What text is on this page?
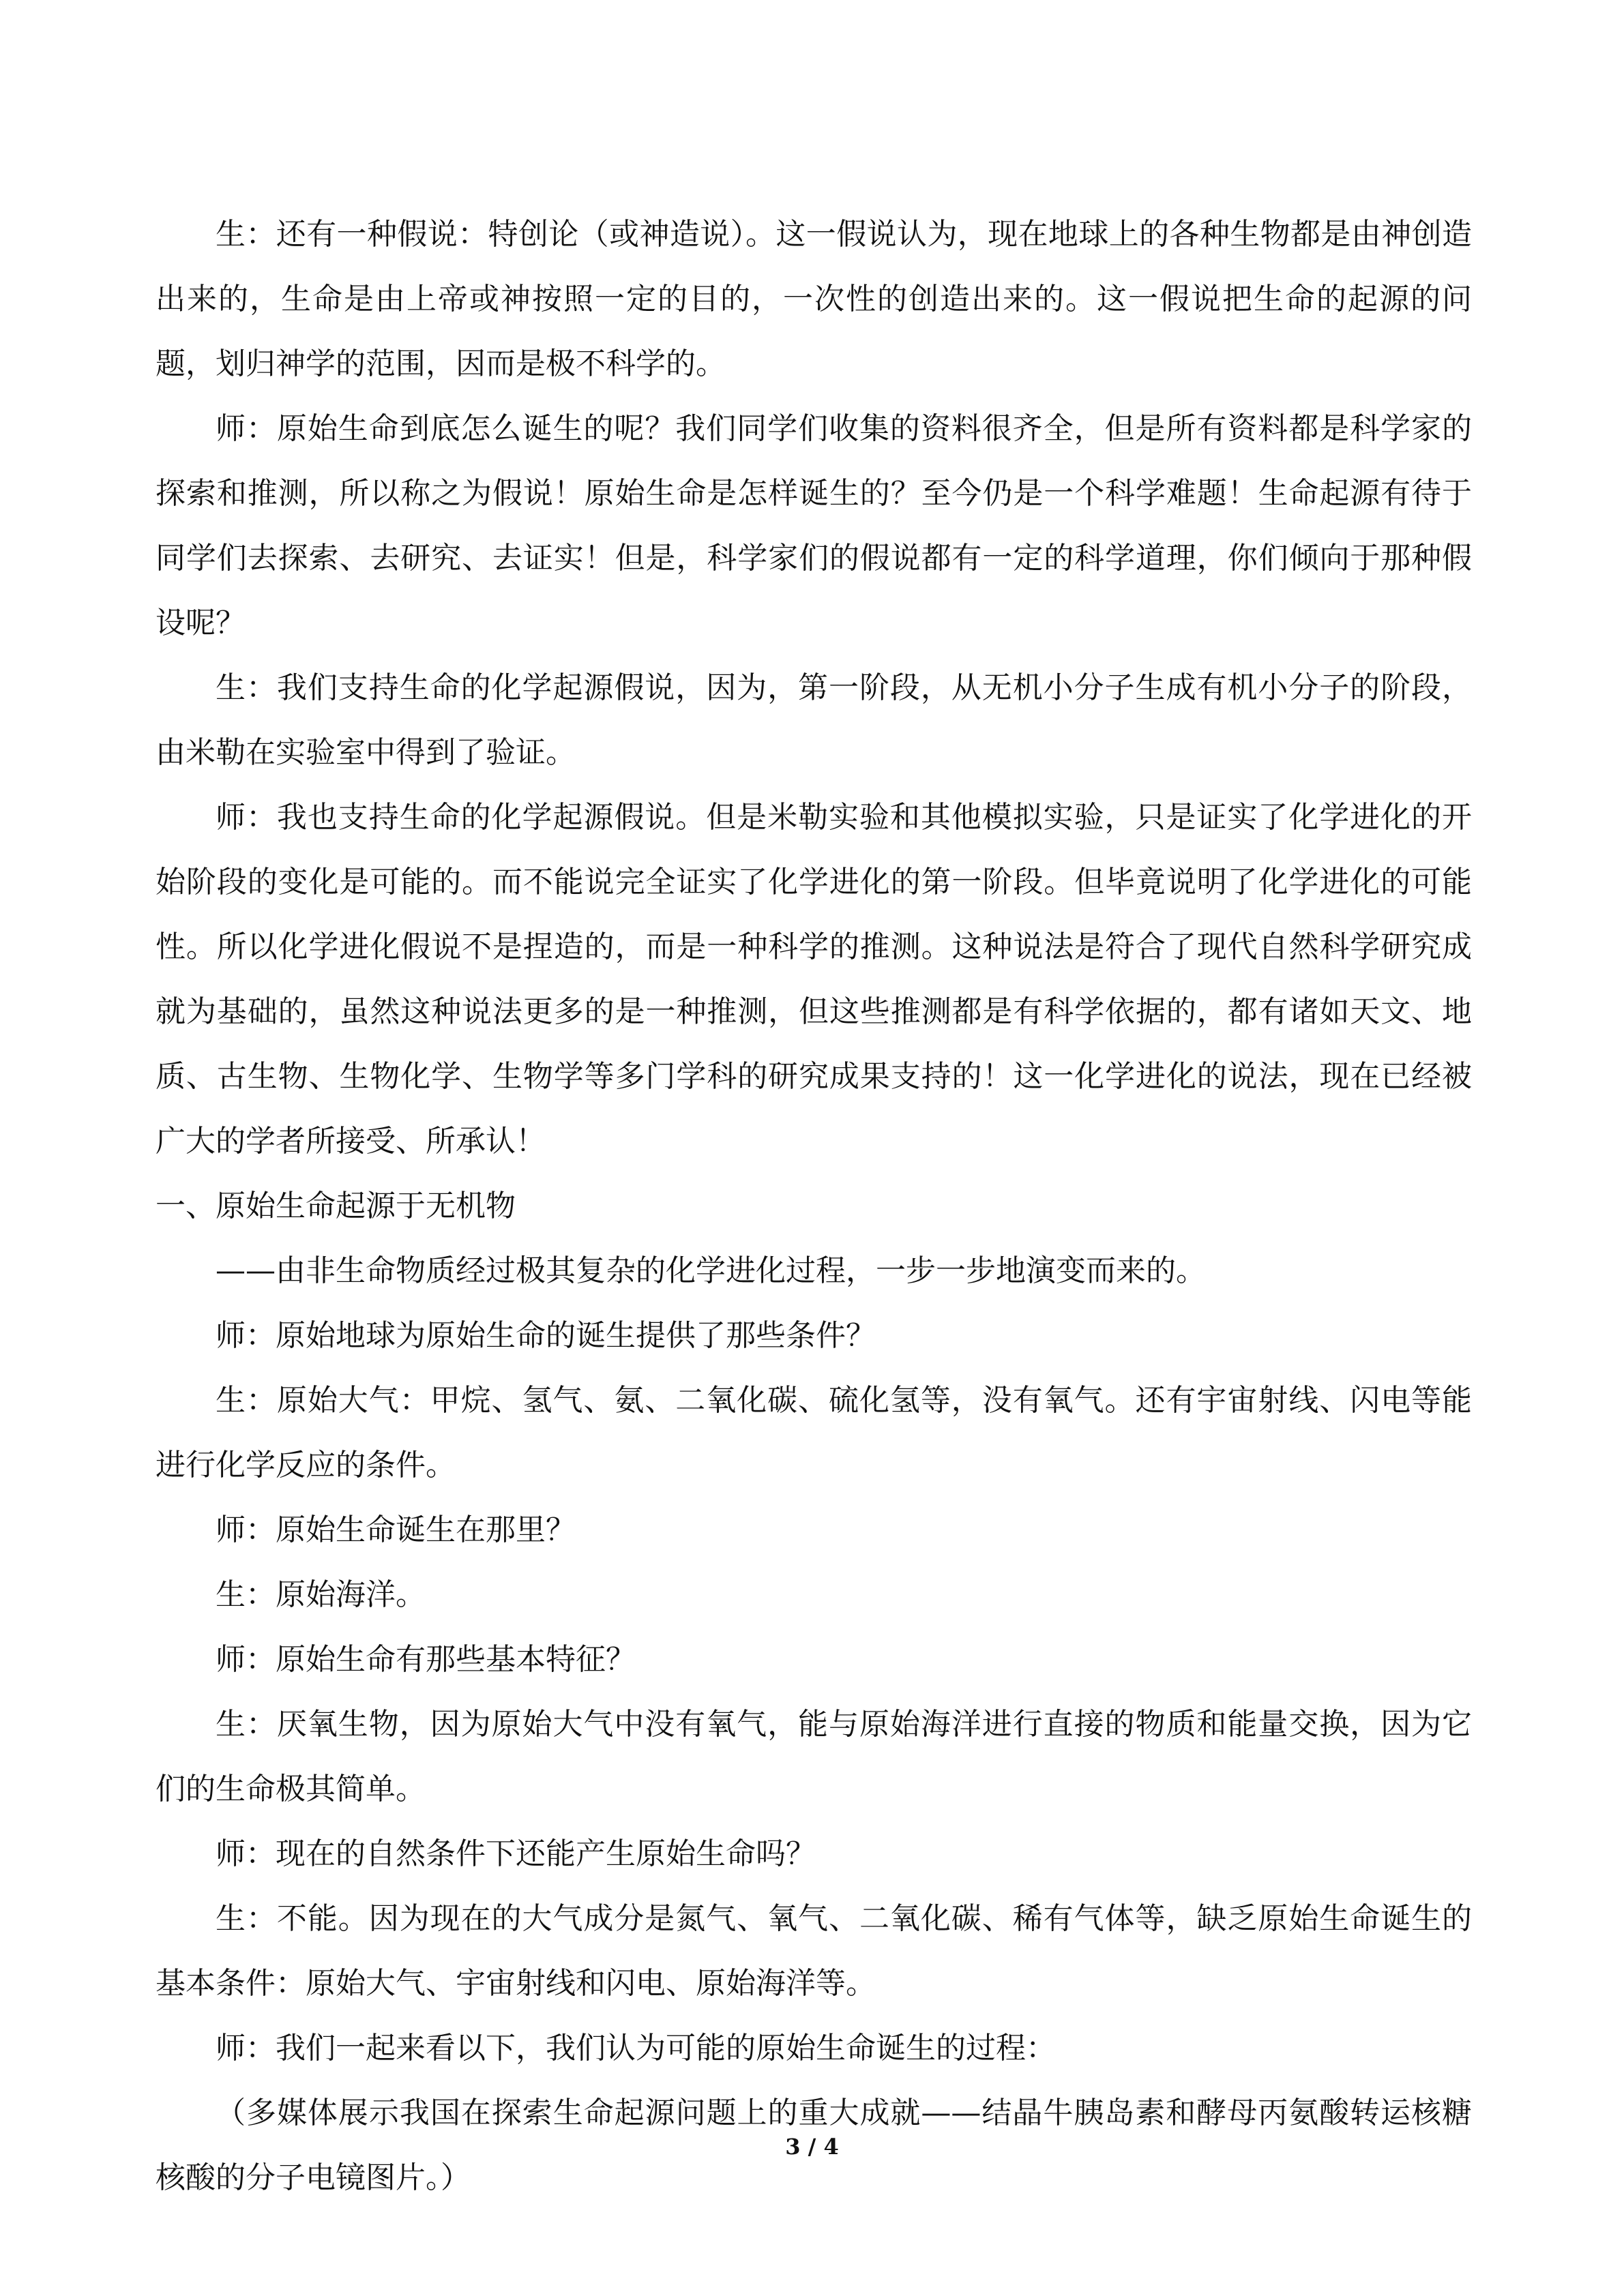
生：还有一种假说：特创论（或神造说）。这一假说认为，现在地球上的各种生物都是由神创造出来的，生命是由上帝或神按照一定的目的，一次性的创造出来的。这一假说把生命的起源的问题，划归神学的范围，因而是极不科学的。

师：原始生命到底怎么诞生的呢？我们同学们收集的资料很齐全，但是所有资料都是科学家的探索和推测，所以称之为假说！原始生命是怎样诞生的？至今仍是一个科学难题！生命起源有待于同学们去探索、去研究、去证实！但是，科学家们的假说都有一定的科学道理，你们倾向于那种假设呢？

生：我们支持生命的化学起源假说，因为，第一阶段，从无机小分子生成有机小分子的阶段，由米勒在实验室中得到了验证。

师：我也支持生命的化学起源假说。但是米勒实验和其他模拟实验，只是证实了化学进化的开始阶段的变化是可能的。而不能说完全证实了化学进化的第一阶段。但毕竟说明了化学进化的可能性。所以化学进化假说不是捏造的，而是一种科学的推测。这种说法是符合了现代自然科学研究成就为基础的，虽然这种说法更多的是一种推测，但这些推测都是有科学依据的，都有诸如天文、地质、古生物、生物化学、生物学等多门学科的研究成果支持的！这一化学进化的说法，现在已经被广大的学者所接受、所承认！

一、原始生命起源于无机物

——由非生命物质经过极其复杂的化学进化过程，一步一步地演变而来的。

师：原始地球为原始生命的诞生提供了那些条件？

生：原始大气：甲烷、氢气、氨、二氧化碳、硫化氢等，没有氧气。还有宇宙射线、闪电等能进行化学反应的条件。

师：原始生命诞生在那里？

生：原始海洋。

师：原始生命有那些基本特征？

生：厌氧生物，因为原始大气中没有氧气，能与原始海洋进行直接的物质和能量交换，因为它们的生命极其简单。

师：现在的自然条件下还能产生原始生命吗？

生：不能。因为现在的大气成分是氮气、氧气、二氧化碳、稀有气体等，缺乏原始生命诞生的基本条件：原始大气、宇宙射线和闪电、原始海洋等。

师：我们一起来看以下，我们认为可能的原始生命诞生的过程：

（多媒体展示我国在探索生命起源问题上的重大成就——结晶牛胰岛素和酵母丙氨酸转运核糖核酸的分子电镜图片。）

3 / 4
